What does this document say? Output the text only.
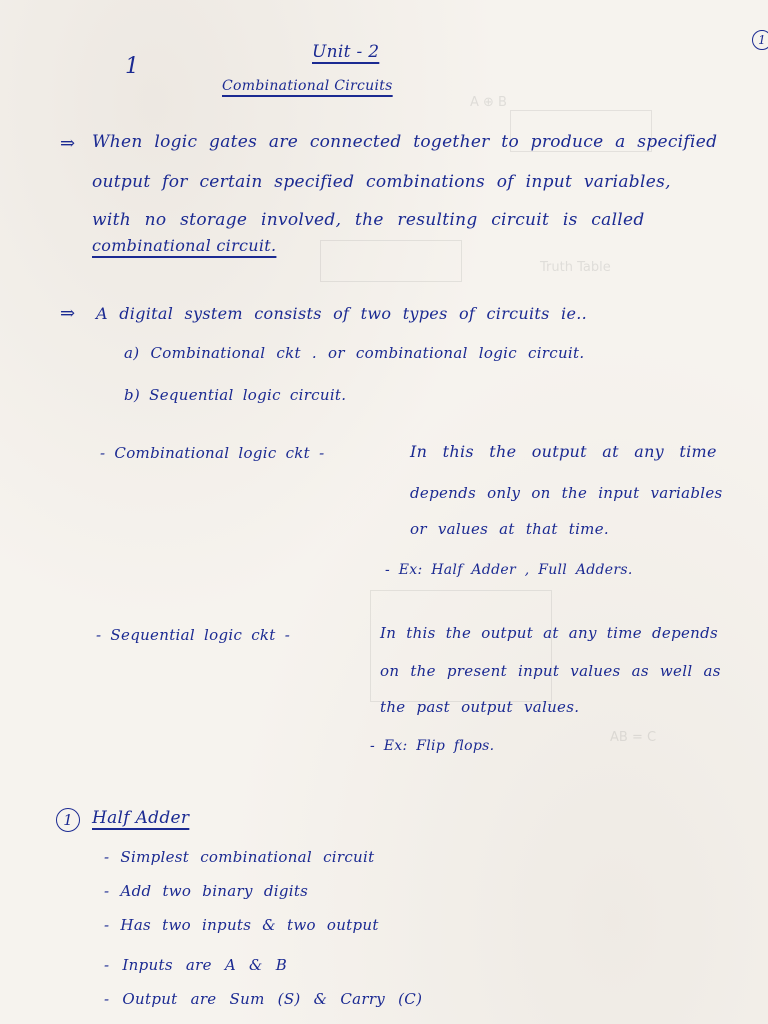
A ⊕ B
Truth Table
AB = C
1
1
Unit - 2
Combinational Circuits
⇒ When logic gates are connected together to produce a specified
output for certain specified combinations of input variables,
with no storage involved, the resulting circuit is called
combinational circuit.
⇒ A digital system consists of two types of circuits ie..
a) Combinational ckt . or combinational logic circuit.
b) Sequential logic circuit.
- Combinational logic ckt -	In this the output at any time
depends only on the input variables
or values at that time.
- Ex: Half Adder , Full Adders.
- Sequential logic ckt -	In this the output at any time depends
on the present input values as well as
the past output values.
- Ex: Flip flops.
1	Half Adder
- Simplest combinational circuit
- Add two binary digits
- Has two inputs & two output
- Inputs are A & B
- Output are Sum (S) & Carry (C)
